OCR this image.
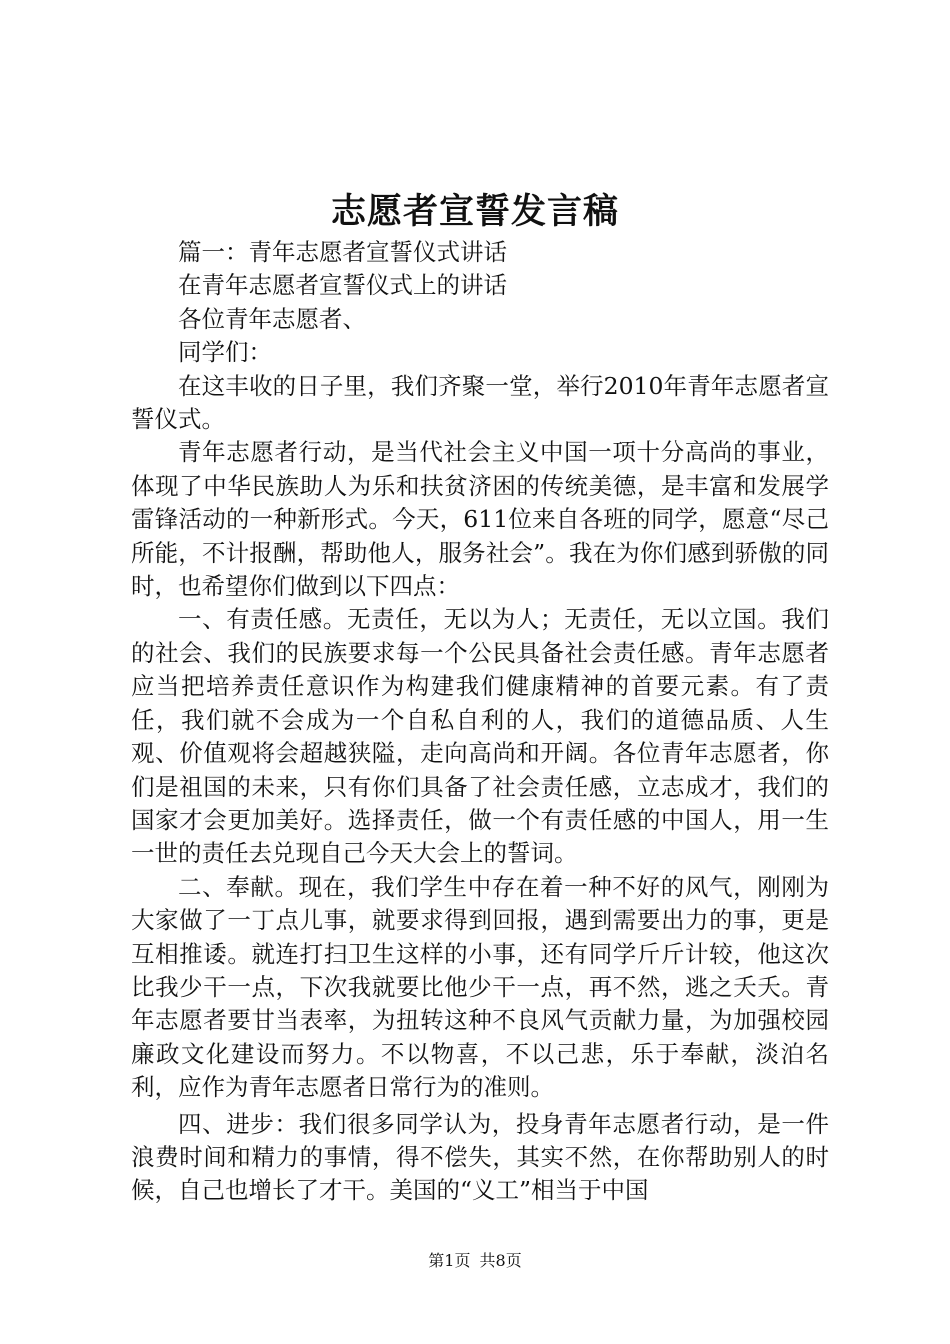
志愿者宣誓发言稿

篇一：青年志愿者宣誓仪式讲话

在青年志愿者宣誓仪式上的讲话

各位青年志愿者、

同学们：

在这丰收的日子里，我们齐聚一堂，举行2010年青年志愿者宣誓仪式。

青年志愿者行动，是当代社会主义中国一项十分高尚的事业，体现了中华民族助人为乐和扶贫济困的传统美德，是丰富和发展学雷锋活动的一种新形式。今天，611位来自各班的同学，愿意“尽己所能，不计报酬，帮助他人，服务社会”。我在为你们感到骄傲的同时，也希望你们做到以下四点：

一、有责任感。无责任，无以为人；无责任，无以立国。我们的社会、我们的民族要求每一个公民具备社会责任感。青年志愿者应当把培养责任意识作为构建我们健康精神的首要元素。有了责任，我们就不会成为一个自私自利的人，我们的道德品质、人生观、价值观将会超越狭隘，走向高尚和开阔。各位青年志愿者，你们是祖国的未来，只有你们具备了社会责任感，立志成才，我们的国家才会更加美好。选择责任，做一个有责任感的中国人，用一生一世的责任去兑现自己今天大会上的誓词。

二、奉献。现在，我们学生中存在着一种不好的风气，刚刚为大家做了一丁点儿事，就要求得到回报，遇到需要出力的事，更是互相推诿。就连打扫卫生这样的小事，还有同学斤斤计较，他这次比我少干一点，下次我就要比他少干一点，再不然，逃之夭夭。青年志愿者要甘当表率，为扭转这种不良风气贡献力量，为加强校园廉政文化建设而努力。不以物喜，不以己悲，乐于奉献，淡泊名利，应作为青年志愿者日常行为的准则。

四、进步：我们很多同学认为，投身青年志愿者行动，是一件浪费时间和精力的事情，得不偿失，其实不然，在你帮助别人的时候，自己也增长了才干。美国的“义工”相当于中国

第1页 共8页
